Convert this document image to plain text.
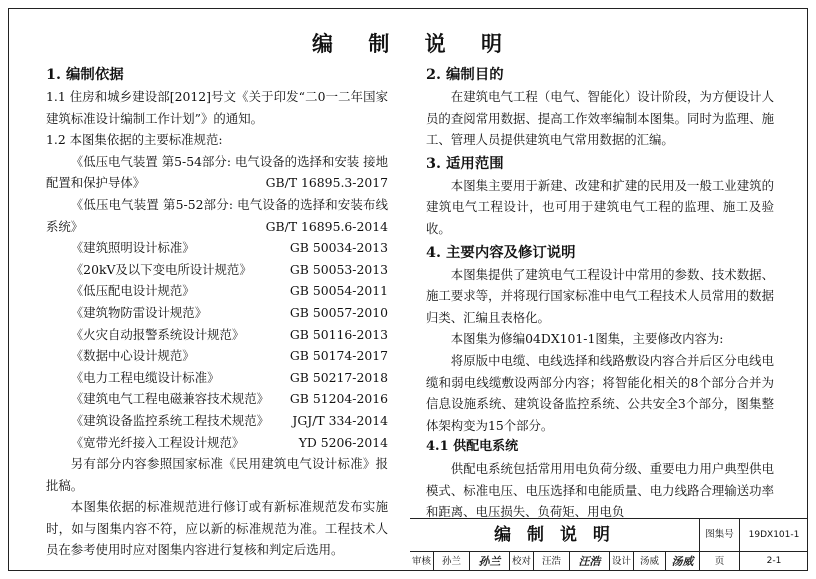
编 制 说 明
1. 编制依据
1.1 住房和城乡建设部[2012]号文《关于印发“二0一二年国家建筑标准设计编制工作计划”》的通知。
1.2 本图集依据的主要标准规范:
《低压电气装置 第5-54部分: 电气设备的选择和安装 接地配置和保护导体》	GB/T 16895.3-2017
《低压电气装置 第5-52部分: 电气设备的选择和安装布线系统》	GB/T 16895.6-2014
《建筑照明设计标准》	GB 50034-2013
《20kV及以下变电所设计规范》	GB 50053-2013
《低压配电设计规范》	GB 50054-2011
《建筑物防雷设计规范》	GB 50057-2010
《火灾自动报警系统设计规范》	GB 50116-2013
《数据中心设计规范》	GB 50174-2017
《电力工程电缆设计标准》	GB 50217-2018
《建筑电气工程电磁兼容技术规范》 GB 51204-2016
《建筑设备监控系统工程技术规范》 JGJ/T 334-2014
《宽带光纤接入工程设计规范》	YD 5206-2014
另有部分内容参照国家标准《民用建筑电气设计标准》报批稿。
本图集依据的标准规范进行修订或有新标准规范发布实施时，如与图集内容不符，应以新的标准规范为准。工程技术人员在参考使用时应对图集内容进行复核和判定后选用。
2. 编制目的
在建筑电气工程（电气、智能化）设计阶段，为方便设计人员的查阅常用数据、提高工作效率编制本图集。同时为监理、施工、管理人员提供建筑电气常用数据的汇编。
3. 适用范围
本图集主要用于新建、改建和扩建的民用及一般工业建筑的建筑电气工程设计，也可用于建筑电气工程的监理、施工及验收。
4. 主要内容及修订说明
本图集提供了建筑电气工程设计中常用的参数、技术数据、施工要求等，并将现行国家标准中电气工程技术人员常用的数据归类、汇编且表格化。
本图集为修编04DX101-1图集，主要修改内容为:
将原版中电缆、电线选择和线路敷设内容合并后区分电线电缆和弱电线缆敷设两部分内容；将智能化相关的8个部分合并为信息设施系统、建筑设备监控系统、公共安全3个部分，图集整体架构变为15个部分。
4.1 供配电系统
供配电系统包括常用用电负荷分级、重要电力用户典型供电模式、标准电压、电压选择和电能质量、电力线路合理输送功率和距离、电压损失、负荷矩、用电负
编 制 说 明	图集号	19DX101-1
审核	孙兰	孙兰	校对	汪浩	汪浩	设计 汤威	汤威	页	2-1
